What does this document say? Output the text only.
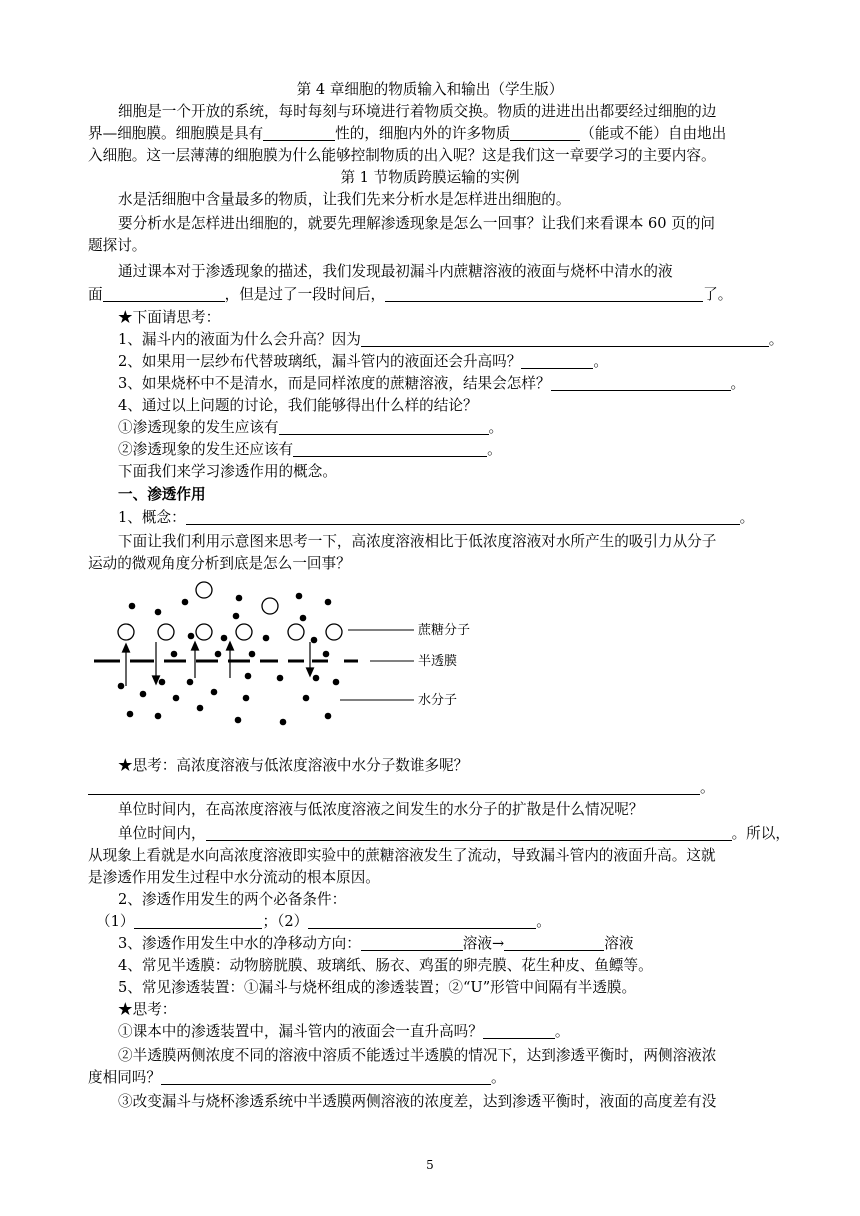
第 4 章细胞的物质输入和输出（学生版）
细胞是一个开放的系统，每时每刻与环境进行着物质交换。物质的进进出出都要经过细胞的边
界—细胞膜。细胞膜是具有	性的，细胞内外的许多物质	（能或不能）自由地出
入细胞。这一层薄薄的细胞膜为什么能够控制物质的出入呢？这是我们这一章要学习的主要内容。
第 1 节物质跨膜运输的实例
水是活细胞中含量最多的物质，让我们先来分析水是怎样进出细胞的。
要分析水是怎样进出细胞的，就要先理解渗透现象是怎么一回事？让我们来看课本 60 页的问
题探讨。
通过课本对于渗透现象的描述，我们发现最初漏斗内蔗糖溶液的液面与烧杯中清水的液
面	，但是过了一段时间后，	了。
★下面请思考：
1、漏斗内的液面为什么会升高？因为	。
2、如果用一层纱布代替玻璃纸，漏斗管内的液面还会升高吗？	。
3、如果烧杯中不是清水，而是同样浓度的蔗糖溶液，结果会怎样？	。
4、通过以上问题的讨论，我们能够得出什么样的结论？
①渗透现象的发生应该有	。
②渗透现象的发生还应该有	。
下面我们来学习渗透作用的概念。
一、渗透作用
1、概念：	。
下面让我们利用示意图来思考一下，高浓度溶液相比于低浓度溶液对水所产生的吸引力从分子
运动的微观角度分析到底是怎么一回事？
蔗糖分子
半透膜
水分子
★思考：高浓度溶液与低浓度溶液中水分子数谁多呢？
。
单位时间内，在高浓度溶液与低浓度溶液之间发生的水分子的扩散是什么情况呢？
单位时间内，	。所以，
从现象上看就是水向高浓度溶液即实验中的蔗糖溶液发生了流动，导致漏斗管内的液面升高。这就
是渗透作用发生过程中水分流动的根本原因。
2、渗透作用发生的两个必备条件：
（1）	；（2）	。
3、渗透作用发生中水的净移动方向：	溶液→	溶液
4、常见半透膜：动物膀胱膜、玻璃纸、肠衣、鸡蛋的卵壳膜、花生种皮、鱼鳔等。
5、常见渗透装置：①漏斗与烧杯组成的渗透装置；②“U”形管中间隔有半透膜。
★思考：
①课本中的渗透装置中，漏斗管内的液面会一直升高吗？	。
②半透膜两侧浓度不同的溶液中溶质不能透过半透膜的情况下，达到渗透平衡时，两侧溶液浓
度相同吗？	。
③改变漏斗与烧杯渗透系统中半透膜两侧溶液的浓度差，达到渗透平衡时，液面的高度差有没
5
